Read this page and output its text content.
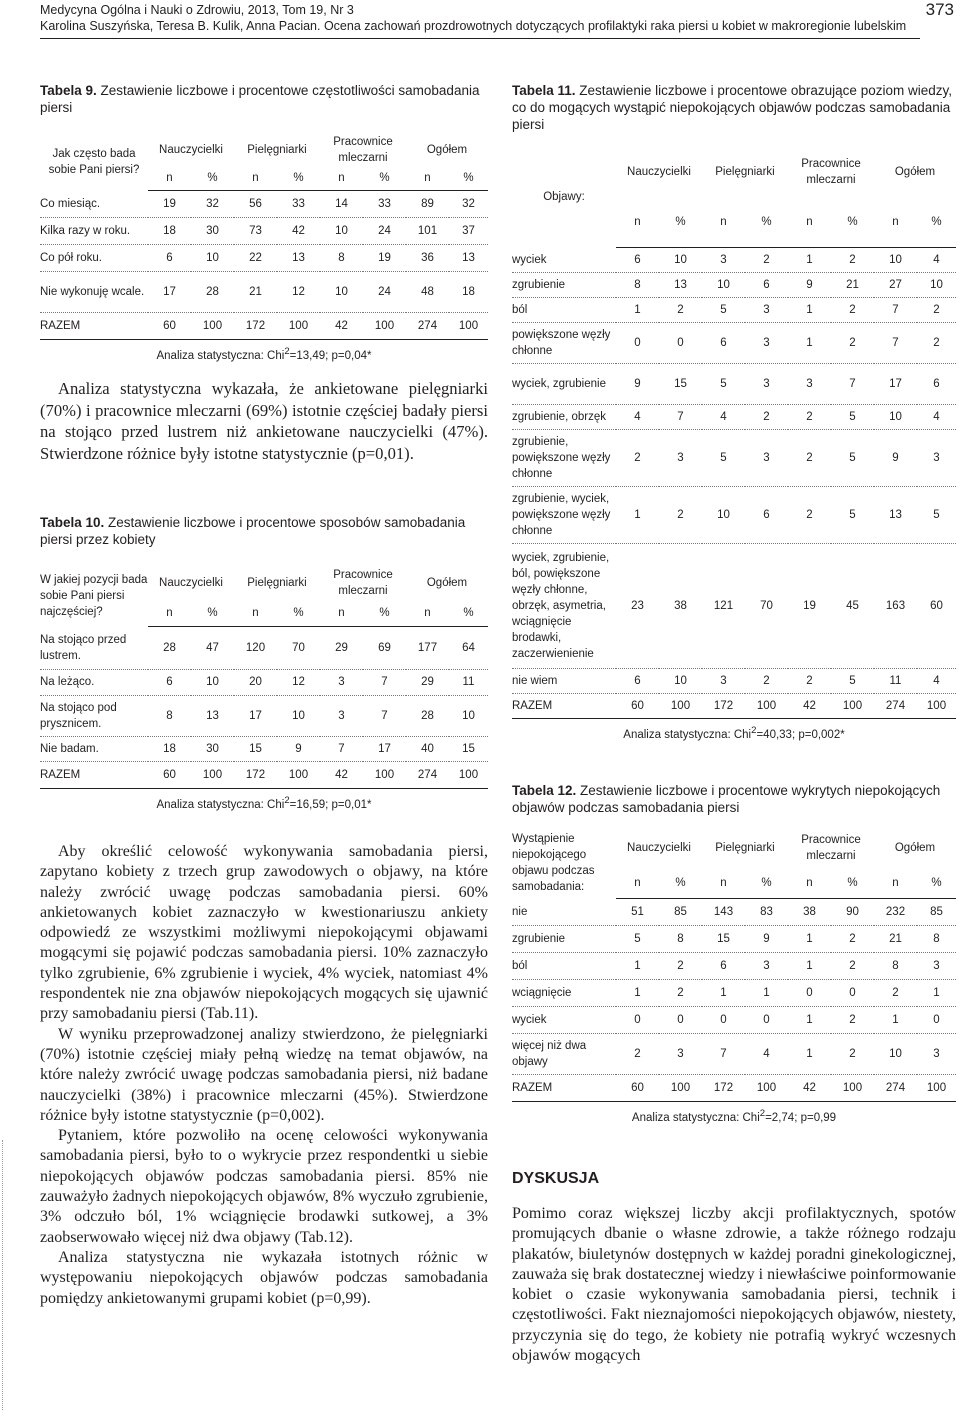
Medycyna Ogólna i Nauki o Zdrowiu, 2013, Tom 19, Nr 3
Karolina Suszyńska, Teresa B. Kulik, Anna Pacian. Ocena zachowań prozdrowotnych dotyczących profilaktyki raka piersi u kobiet w makroregionie lubelskim
373

Tabela 9. Zestawienie liczbowe i procentowe częstotliwości samobadania piersi

Jak często bada sobie Pani piersi?	Nauczycielki		Pielęgniarki		Pracownice mleczarni		Ogółem	
	n	%	n	%	n	%	n	%
Co miesiąc.	19	32	56	33	14	33	89	32
Kilka razy w roku.	18	30	73	42	10	24	101	37
Co pół roku.	6	10	22	13	8	19	36	13
Nie wykonuję wcale.	17	28	21	12	10	24	48	18
RAZEM	60	100	172	100	42	100	274	100
Analiza statystyczna: Chi$^2$=13,49; p=0,04*

Analiza statystyczna wykazała, że ankietowane pielęgniarki (70%) i pracownice mleczarni (69%) istotnie częściej badały piersi na stojąco przed lustrem niż ankietowane nauczycielki (47%). Stwierdzone różnice były istotne statystycznie (p=0,01).

Tabela 10. Zestawienie liczbowe i procentowe sposobów samobadania piersi przez kobiety

W jakiej pozycji bada sobie Pani piersi najczęściej?	Nauczycielki		Pielęgniarki		Pracownice mleczarni		Ogółem	
	n	%	n	%	n	%	n	%
Na stojąco przed lustrem.	28	47	120	70	29	69	177	64
Na leżąco.	6	10	20	12	3	7	29	11
Na stojąco pod prysznicem.	8	13	17	10	3	7	28	10
Nie badam.	18	30	15	9	7	17	40	15
RAZEM	60	100	172	100	42	100	274	100
Analiza statystyczna: Chi$^2$=16,59; p=0,01*

Aby określić celowość wykonywania samobadania piersi, zapytano kobiety z trzech grup zawodowych o objawy, na które należy zwrócić uwagę podczas samobadania piersi. 60% ankietowanych kobiet zaznaczyło w kwestionariuszu ankiety odpowiedź ze wszystkimi możliwymi niepokojącymi objawami mogącymi się pojawić podczas samobadania piersi. 10% zaznaczyło tylko zgrubienie, 6% zgrubienie i wyciek, 4% wyciek, natomiast 4% respondentek nie zna objawów niepokojących mogących się ujawnić przy samobadaniu piersi (Tab.11).

W wyniku przeprowadzonej analizy stwierdzono, że pielęgniarki (70%) istotnie częściej miały pełną wiedzę na temat objawów, na które należy zwrócić uwagę podczas samobadania piersi, niż badane nauczycielki (38%) i pracownice mleczarni (45%). Stwierdzone różnice były istotne statystycznie (p=0,002).

Pytaniem, które pozwoliło na ocenę celowości wykonywania samobadania piersi, było to o wykrycie przez respondentki u siebie niepokojących objawów podczas samobadania piersi. 85% nie zauważyło żadnych niepokojących objawów, 8% wyczuło zgrubienie, 3% odczuło ból, 1% wciągnięcie brodawki sutkowej, a 3% zaobserwowało więcej niż dwa objawy (Tab.12).

Analiza statystyczna nie wykazała istotnych różnic w występowaniu niepokojących objawów podczas samobadania pomiędzy ankietowanymi grupami kobiet (p=0,99).

Tabela 11. Zestawienie liczbowe i procentowe obrazujące poziom wiedzy, co do mogących wystąpić niepokojących objawów podczas samobadania piersi

Objawy:	Nauczycielki		Pielęgniarki		Pracownice mleczarni		Ogółem	
	n	%	n	%	n	%	n	%
wyciek	6	10	3	2	1	2	10	4
zgrubienie	8	13	10	6	9	21	27	10
ból	1	2	5	3	1	2	7	2
powiększone węzły chłonne	0	0	6	3	1	2	7	2
wyciek, zgrubienie	9	15	5	3	3	7	17	6
zgrubienie, obrzęk	4	7	4	2	2	5	10	4
zgrubienie, powiększone węzły chłonne	2	3	5	3	2	5	9	3
zgrubienie, wyciek, powiększone węzły chłonne	1	2	10	6	2	5	13	5
wyciek, zgrubienie, ból, powiększone węzły chłonne, obrzęk, asymetria, wciągnięcie brodawki, zaczerwienienie	23	38	121	70	19	45	163	60
nie wiem	6	10	3	2	2	5	11	4
RAZEM	60	100	172	100	42	100	274	100
Analiza statystyczna: Chi$^2$=40,33; p=0,002*

Tabela 12. Zestawienie liczbowe i procentowe wykrytych niepokojących objawów podczas samobadania piersi

Wystąpienie niepokojącego objawu podczas samobadania:	Nauczycielki		Pielęgniarki		Pracownice mleczarni		Ogółem	
	n	%	n	%	n	%	n	%
nie	51	85	143	83	38	90	232	85
zgrubienie	5	8	15	9	1	2	21	8
ból	1	2	6	3	1	2	8	3
wciągnięcie	1	2	1	1	0	0	2	1
wyciek	0	0	0	0	1	2	1	0
więcej niż dwa objawy	2	3	7	4	1	2	10	3
RAZEM	60	100	172	100	42	100	274	100
Analiza statystyczna: Chi$^2$=2,74; p=0,99
DYSKUSJA

Pomimo coraz większej liczby akcji profilaktycznych, spotów promujących dbanie o własne zdrowie, a także różnego rodzaju plakatów, biuletynów dostępnych w każdej poradni ginekologicznej, zauważa się brak dostatecznej wiedzy i niewłaściwe poinformowanie kobiet o czasie wykonywania samobadania piersi, technik i częstotliwości. Fakt nieznajomości niepokojących objawów, niestety, przyczynia się do tego, że kobiety nie potrafią wykryć wczesnych objawów mogących
